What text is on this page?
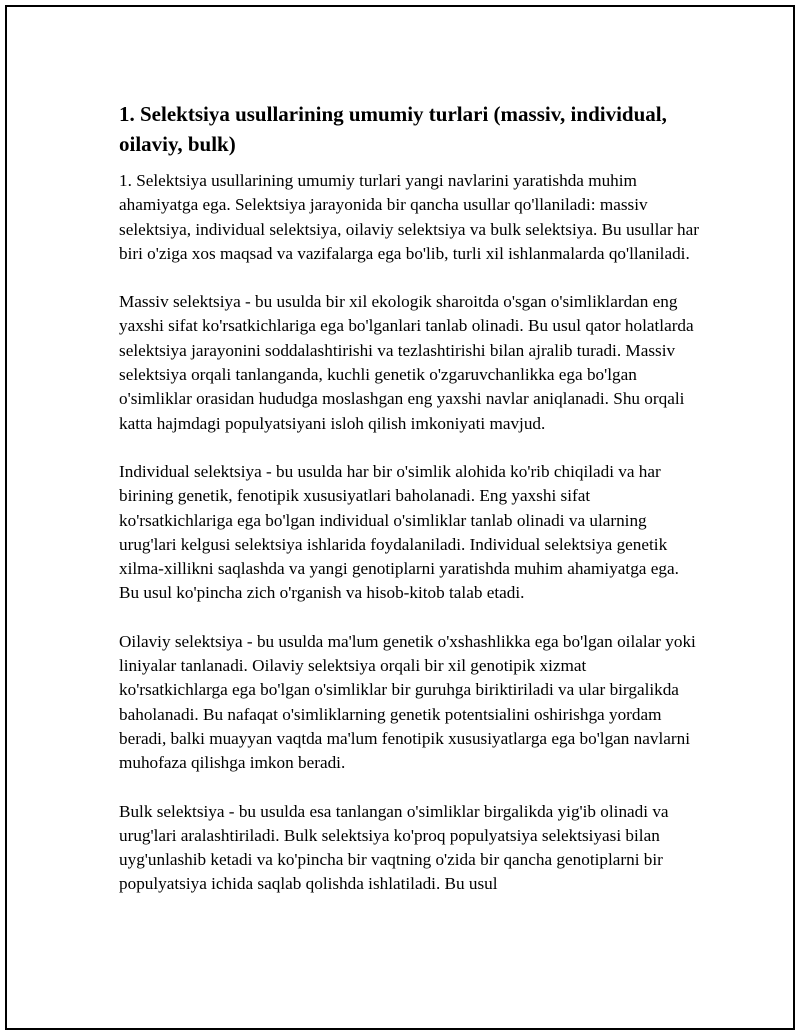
1. Selektsiya usullarining umumiy turlari (massiv, individual, oilaviy, bulk)

1. Selektsiya usullarining umumiy turlari yangi navlarini yaratishda muhim ahamiyatga ega. Selektsiya jarayonida bir qancha usullar qo'llaniladi: massiv selektsiya, individual selektsiya, oilaviy selektsiya va bulk selektsiya. Bu usullar har biri o'ziga xos maqsad va vazifalarga ega bo'lib, turli xil ishlanmalarda qo'llaniladi.

Massiv selektsiya - bu usulda bir xil ekologik sharoitda o'sgan o'simliklardan eng yaxshi sifat ko'rsatkichlariga ega bo'lganlari tanlab olinadi. Bu usul qator holatlarda selektsiya jarayonini soddalashtirishi va tezlashtirishi bilan ajralib turadi. Massiv selektsiya orqali tanlanganda, kuchli genetik o'zgaruvchanlikka ega bo'lgan o'simliklar orasidan hududga moslashgan eng yaxshi navlar aniqlanadi. Shu orqali katta hajmdagi populyatsiyani isloh qilish imkoniyati mavjud.

Individual selektsiya - bu usulda har bir o'simlik alohida ko'rib chiqiladi va har birining genetik, fenotipik xususiyatlari baholanadi. Eng yaxshi sifat ko'rsatkichlariga ega bo'lgan individual o'simliklar tanlab olinadi va ularning urug'lari kelgusi selektsiya ishlarida foydalaniladi. Individual selektsiya genetik xilma-xillikni saqlashda va yangi genotiplarni yaratishda muhim ahamiyatga ega. Bu usul ko'pincha zich o'rganish va hisob-kitob talab etadi.

Oilaviy selektsiya - bu usulda ma'lum genetik o'xshashlikka ega bo'lgan oilalar yoki liniyalar tanlanadi. Oilaviy selektsiya orqali bir xil genotipik xizmat ko'rsatkichlarga ega bo'lgan o'simliklar bir guruhga biriktiriladi va ular birgalikda baholanadi. Bu nafaqat o'simliklarning genetik potentsialini oshirishga yordam beradi, balki muayyan vaqtda ma'lum fenotipik xususiyatlarga ega bo'lgan navlarni muhofaza qilishga imkon beradi.

Bulk selektsiya - bu usulda esa tanlangan o'simliklar birgalikda yig'ib olinadi va urug'lari aralashtiriladi. Bulk selektsiya ko'proq populyatsiya selektsiyasi bilan uyg'unlashib ketadi va ko'pincha bir vaqtning o'zida bir qancha genotiplarni bir populyatsiya ichida saqlab qolishda ishlatiladi. Bu usul
